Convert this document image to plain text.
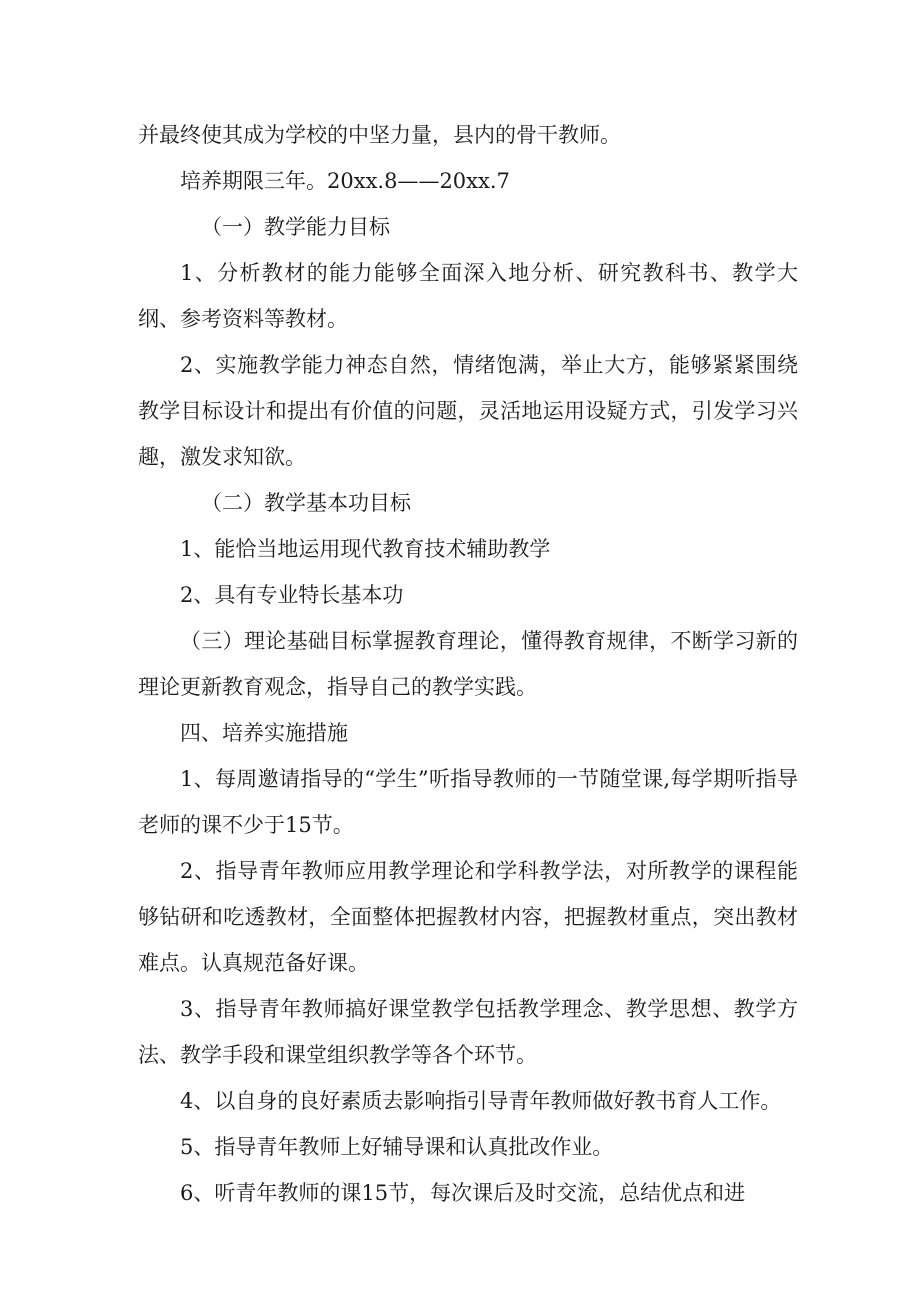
并最终使其成为学校的中坚力量，县内的骨干教师。

培养期限三年。20xx.8——20xx.7

（一）教学能力目标

1、分析教材的能力能够全面深入地分析、研究教科书、教学大纲、参考资料等教材。

2、实施教学能力神态自然，情绪饱满，举止大方，能够紧紧围绕教学目标设计和提出有价值的问题，灵活地运用设疑方式，引发学习兴趣，激发求知欲。

（二）教学基本功目标

1、能恰当地运用现代教育技术辅助教学

2、具有专业特长基本功

（三）理论基础目标掌握教育理论，懂得教育规律，不断学习新的理论更新教育观念，指导自己的教学实践。

四、培养实施措施

1、每周邀请指导的“学生”听指导教师的一节随堂课,每学期听指导老师的课不少于15节。

2、指导青年教师应用教学理论和学科教学法，对所教学的课程能够钻研和吃透教材，全面整体把握教材内容，把握教材重点，突出教材难点。认真规范备好课。

3、指导青年教师搞好课堂教学包括教学理念、教学思想、教学方法、教学手段和课堂组织教学等各个环节。

4、以自身的良好素质去影响指引导青年教师做好教书育人工作。

5、指导青年教师上好辅导课和认真批改作业。

6、听青年教师的课15节，每次课后及时交流，总结优点和进
